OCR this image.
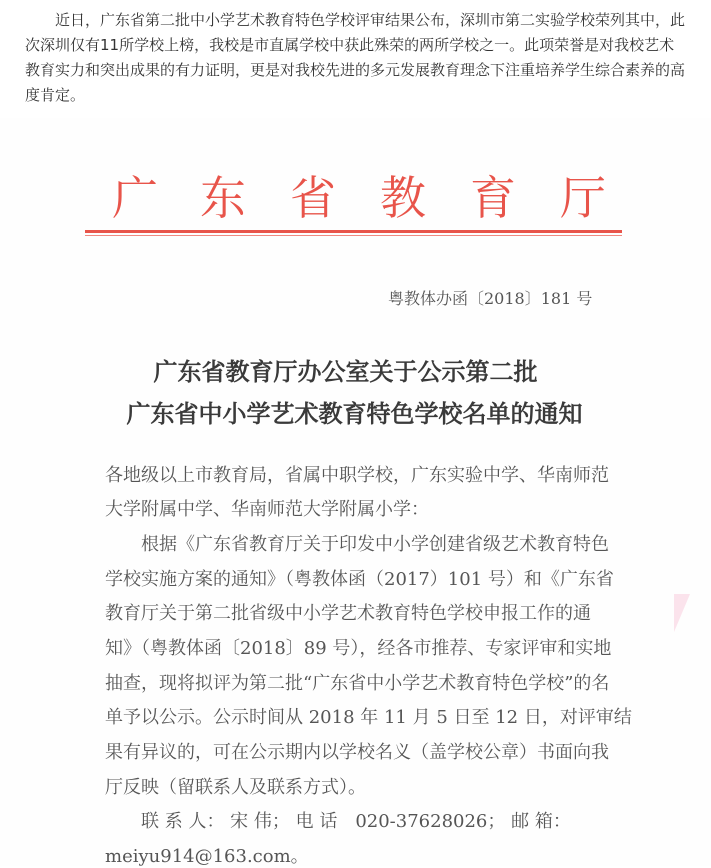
近日，广东省第二批中小学艺术教育特色学校评审结果公布，深圳市第二实验学校荣列其中，此次深圳仅有11所学校上榜，我校是市直属学校中获此殊荣的两所学校之一。此项荣誉是对我校艺术教育实力和突出成果的有力证明，更是对我校先进的多元发展教育理念下注重培养学生综合素养的高度肯定。

广 东 省 教 育 厅
粤教体办函〔2018〕181 号
广东省教育厅办公室关于公示第二批
广东省中小学艺术教育特色学校名单的通知
各地级以上市教育局，省属中职学校，广东实验中学、华南师范
大学附属中学、华南师范大学附属小学：
　　根据《广东省教育厅关于印发中小学创建省级艺术教育特色
学校实施方案的通知》（粤教体函（2017）101 号）和《广东省
教育厅关于第二批省级中小学艺术教育特色学校申报工作的通
知》（粤教体函〔2018〕89 号），经各市推荐、专家评审和实地
抽查，现将拟评为第二批“广东省中小学艺术教育特色学校”的名
单予以公示。公示时间从 2018 年 11 月 5 日至 12 日，对评审结
果有异议的，可在公示期内以学校名义（盖学校公章）书面向我
厅反映（留联系人及联系方式）。
　　联 系 人： 宋 伟； 电 话　020-37628026； 邮 箱：
meiyu914@163.com。
